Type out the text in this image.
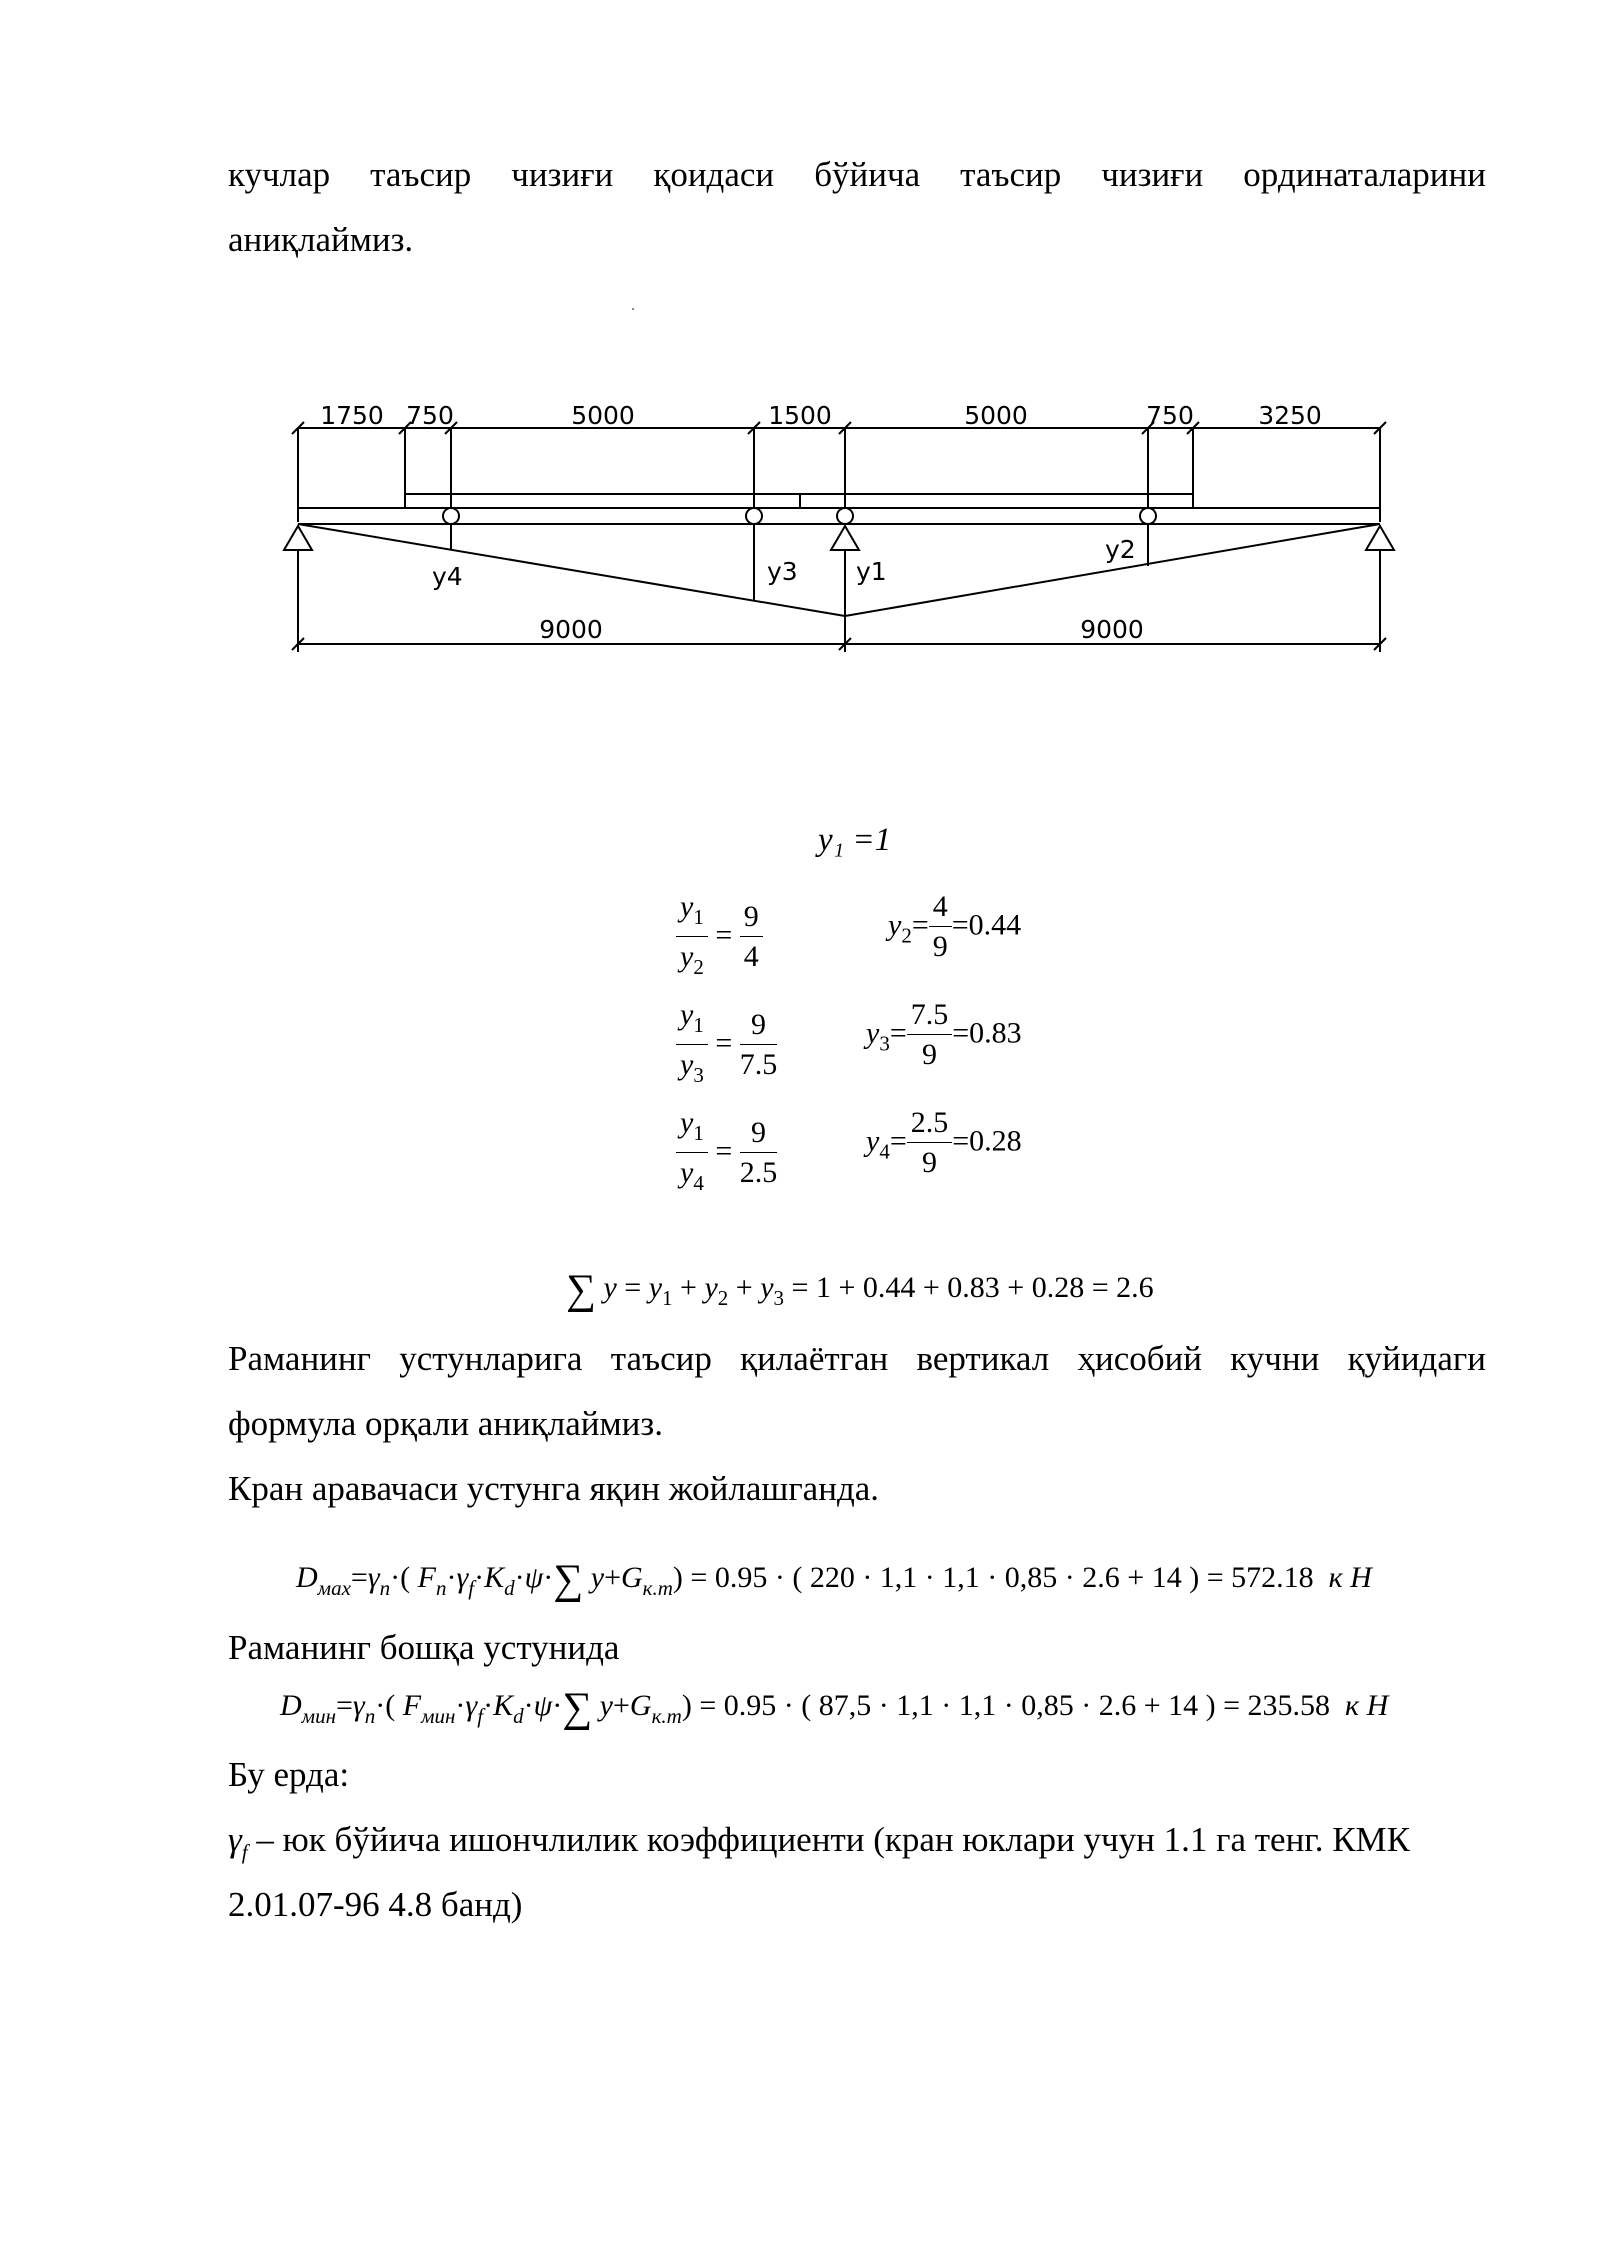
кучлар таъсир чизиғи қоидаси бўйича таъсир чизиғи ординаталарини
аниқлаймиз.
1750 750	5000	1500	5000	750	3250
9000	9000
y4	y3 y1
y2
y₁ =1
$\frac{y_1}{y_2} = \frac{9}{4}$	$y_2= \frac{4}{9} =0.44$
$\frac{y_1}{y_3} = \frac{9}{7.5}$	$y_3= \frac{7.5}{9} =0.83$
$\frac{y_1}{y_4} = \frac{9}{2.5}$	$y_4= \frac{2.5}{9} =0.28$
∑ $y = y_1 + y_2 + y_3 = 1 + 0.44 + 0.83 + 0.28 = 2.6$
Раманинг устунларига таъсир қилаётган вертикал ҳисобий кучни қуйидаги
формула орқали аниқлаймиз.
Кран аравачаси устунга яқин жойлашганда.
$D_{мах}=\gamma_n\cdot$( $F_n\cdot\gamma_f\cdot K_d\cdot\psi\cdot\sum$ $y+G_{к.т}) = 0.95$ · ( 220 · 1,1 · 1,1 · 0,85 · 2.6 + 14 ) = 572.18 к Н
Раманинг бошқа устунида
$D_{мин}=\gamma_n\cdot$( $F_{мин}\cdot\gamma_f\cdot K_d\cdot\psi\cdot\sum$ $y+G_{к.т}) = 0.95$ · ( 87,5 · 1,1 · 1,1 · 0,85 · 2.6 + 14 ) = 235.58 к Н
Бу ерда:
$\gamma_f$ – юк бўйича ишончлилик коэффициенти (кран юклари учун 1.1 га тенг. КМК
2.01.07-96 4.8 банд)
